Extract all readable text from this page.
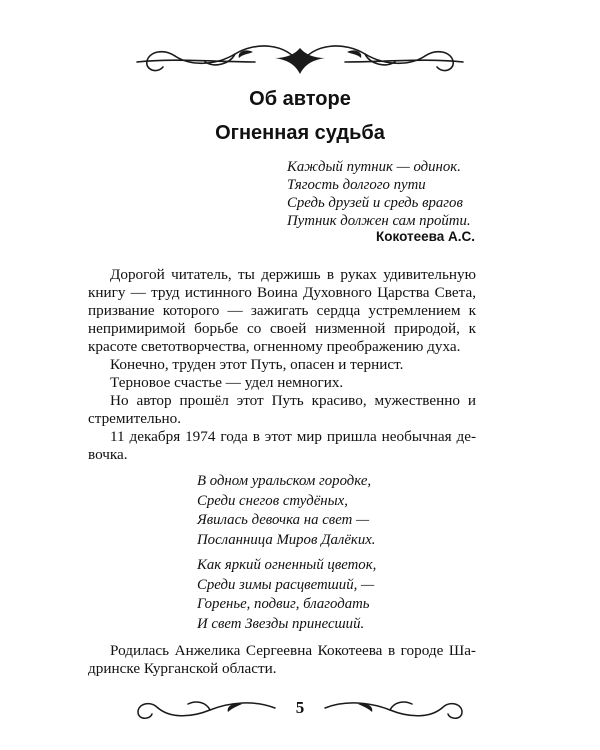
Об авторе
Огненная судьба
Каждый путник — одинок.
Тягость долгого пути
Средь друзей и средь врагов
Путник должен сам пройти.
Кокотеева А.С.
Дорогой читатель, ты держишь в руках удивительную
книгу — труд истинного Воина Духовного Царства Света,
призвание которого — зажигать сердца устремлением к
непримиримой борьбе со своей низменной природой, к
красоте светотворчества, огненному преображению духа.
Конечно, труден этот Путь, опасен и тернист.
Терновое счастье — удел немногих.
Но автор прошёл этот Путь красиво, мужественно и
стремительно.
11 декабря 1974 года в этот мир пришла необычная де-
вочка.
В одном уральском городке,
Среди снегов студёных,
Явилась девочка на свет —
Посланница Миров Далёких.
Как яркий огненный цветок,
Среди зимы расцветший, —
Горенье, подвиг, благодать
И свет Звезды принесший.
Родилась Анжелика Сергеевна Кокотеева в городе Ша-
дринске Курганской области.
5
